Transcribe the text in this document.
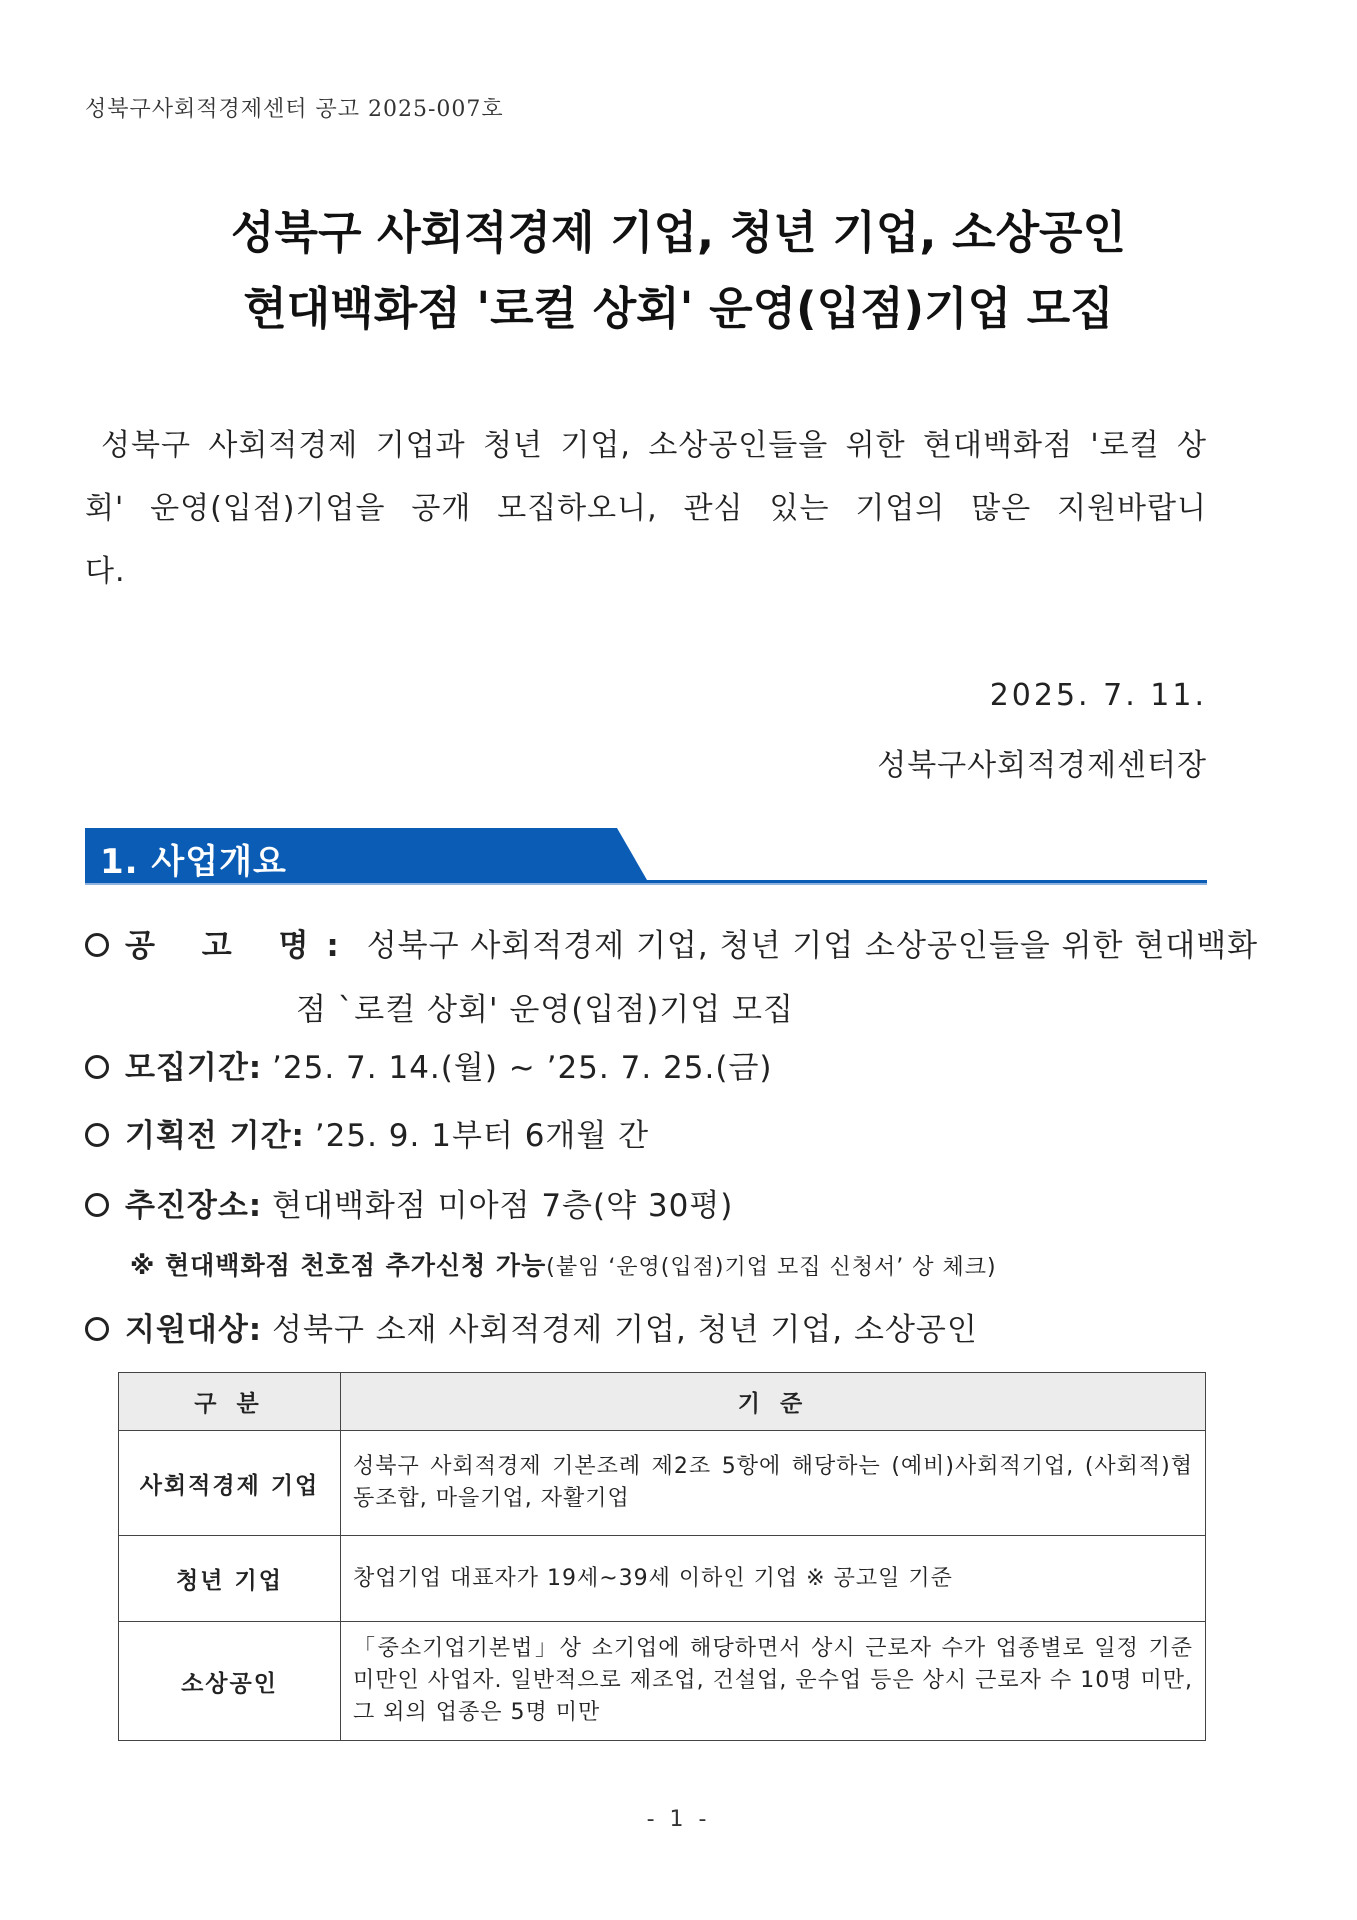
성북구사회적경제센터 공고 2025-007호
성북구 사회적경제 기업, 청년 기업, 소상공인
현대백화점 '로컬 상회' 운영(입점)기업 모집
성북구 사회적경제 기업과 청년 기업, 소상공인들을 위한 현대백화점 '로컬 상
회' 운영(입점)기업을 공개 모집하오니, 관심 있는 기업의 많은 지원바랍니
다.
2025. 7. 11.
성북구사회적경제센터장
1. 사업개요
공 고 명: 성북구 사회적경제 기업, 청년 기업 소상공인들을 위한 현대백화
점 `로컬 상회' 운영(입점)기업 모집
모집기간: ’25. 7. 14.(월) ~ ’25. 7. 25.(금)
기획전 기간: ’25. 9. 1부터 6개월 간
추진장소: 현대백화점 미아점 7층(약 30평)
※ 현대백화점 천호점 추가신청 가능(붙임 ‘운영(입점)기업 모집 신청서’ 상 체크)
지원대상: 성북구 소재 사회적경제 기업, 청년 기업, 소상공인
구 분	기 준
사회적경제 기업	성북구 사회적경제 기본조례 제2조 5항에 해당하는 (예비)사회적기업, (사회적)협동조합, 마을기업, 자활기업
청년 기업	창업기업 대표자가 19세~39세 이하인 기업 ※ 공고일 기준
소상공인	「중소기업기본법」상 소기업에 해당하면서 상시 근로자 수가 업종별로 일정 기준 미만인 사업자. 일반적으로 제조업, 건설업, 운수업 등은 상시 근로자 수 10명 미만, 그 외의 업종은 5명 미만
- 1 -
